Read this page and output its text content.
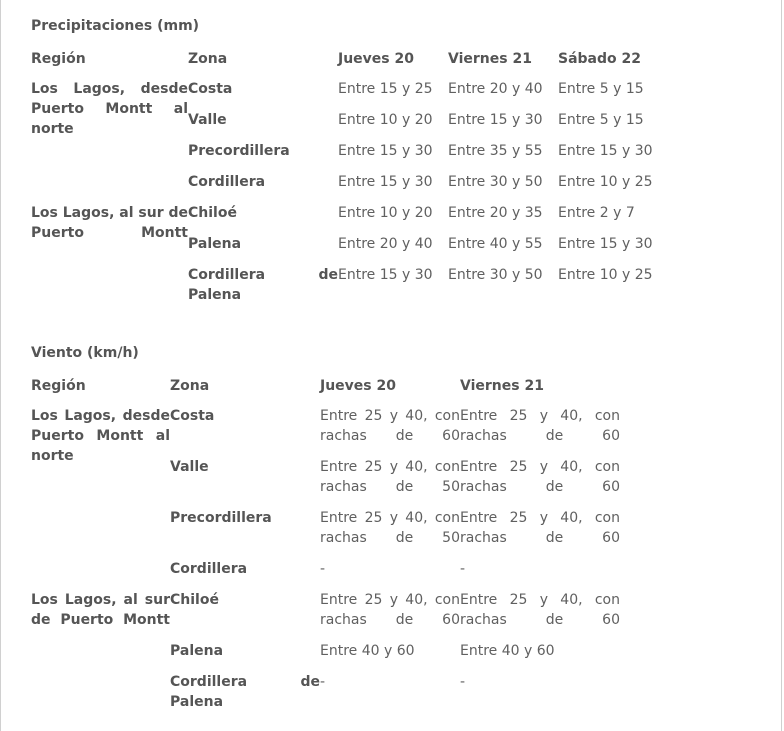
Precipitaciones (mm)
Región	Zona	Jueves 20	Viernes 21	Sábado 22
Los Lagos, desde Puerto Montt al norte	Costa	Entre 15 y 25	Entre 20 y 40	Entre 5 y 15
	Valle	Entre 10 y 20	Entre 15 y 30	Entre 5 y 15
	Precordillera	Entre 15 y 30	Entre 35 y 55	Entre 15 y 30
	Cordillera	Entre 15 y 30	Entre 30 y 50	Entre 10 y 25
Los Lagos, al sur de Puerto Montt	Chiloé	Entre 10 y 20	Entre 20 y 35	Entre 2 y 7
	Palena	Entre 20 y 40	Entre 40 y 55	Entre 15 y 30
	Cordillera de Palena	Entre 15 y 30	Entre 30 y 50	Entre 10 y 25
Viento (km/h)
Región	Zona	Jueves 20	Viernes 21
Los Lagos, desde Puerto Montt al norte	Costa	Entre 25 y 40, con rachas de 60	Entre 25 y 40, con rachas de 60
	Valle	Entre 25 y 40, con rachas de 50	Entre 25 y 40, con rachas de 60
	Precordillera	Entre 25 y 40, con rachas de 50	Entre 25 y 40, con rachas de 60
	Cordillera	-	-
Los Lagos, al sur de Puerto Montt	Chiloé	Entre 25 y 40, con rachas de 60	Entre 25 y 40, con rachas de 60
	Palena	Entre 40 y 60	Entre 40 y 60
	Cordillera de Palena	-	-
